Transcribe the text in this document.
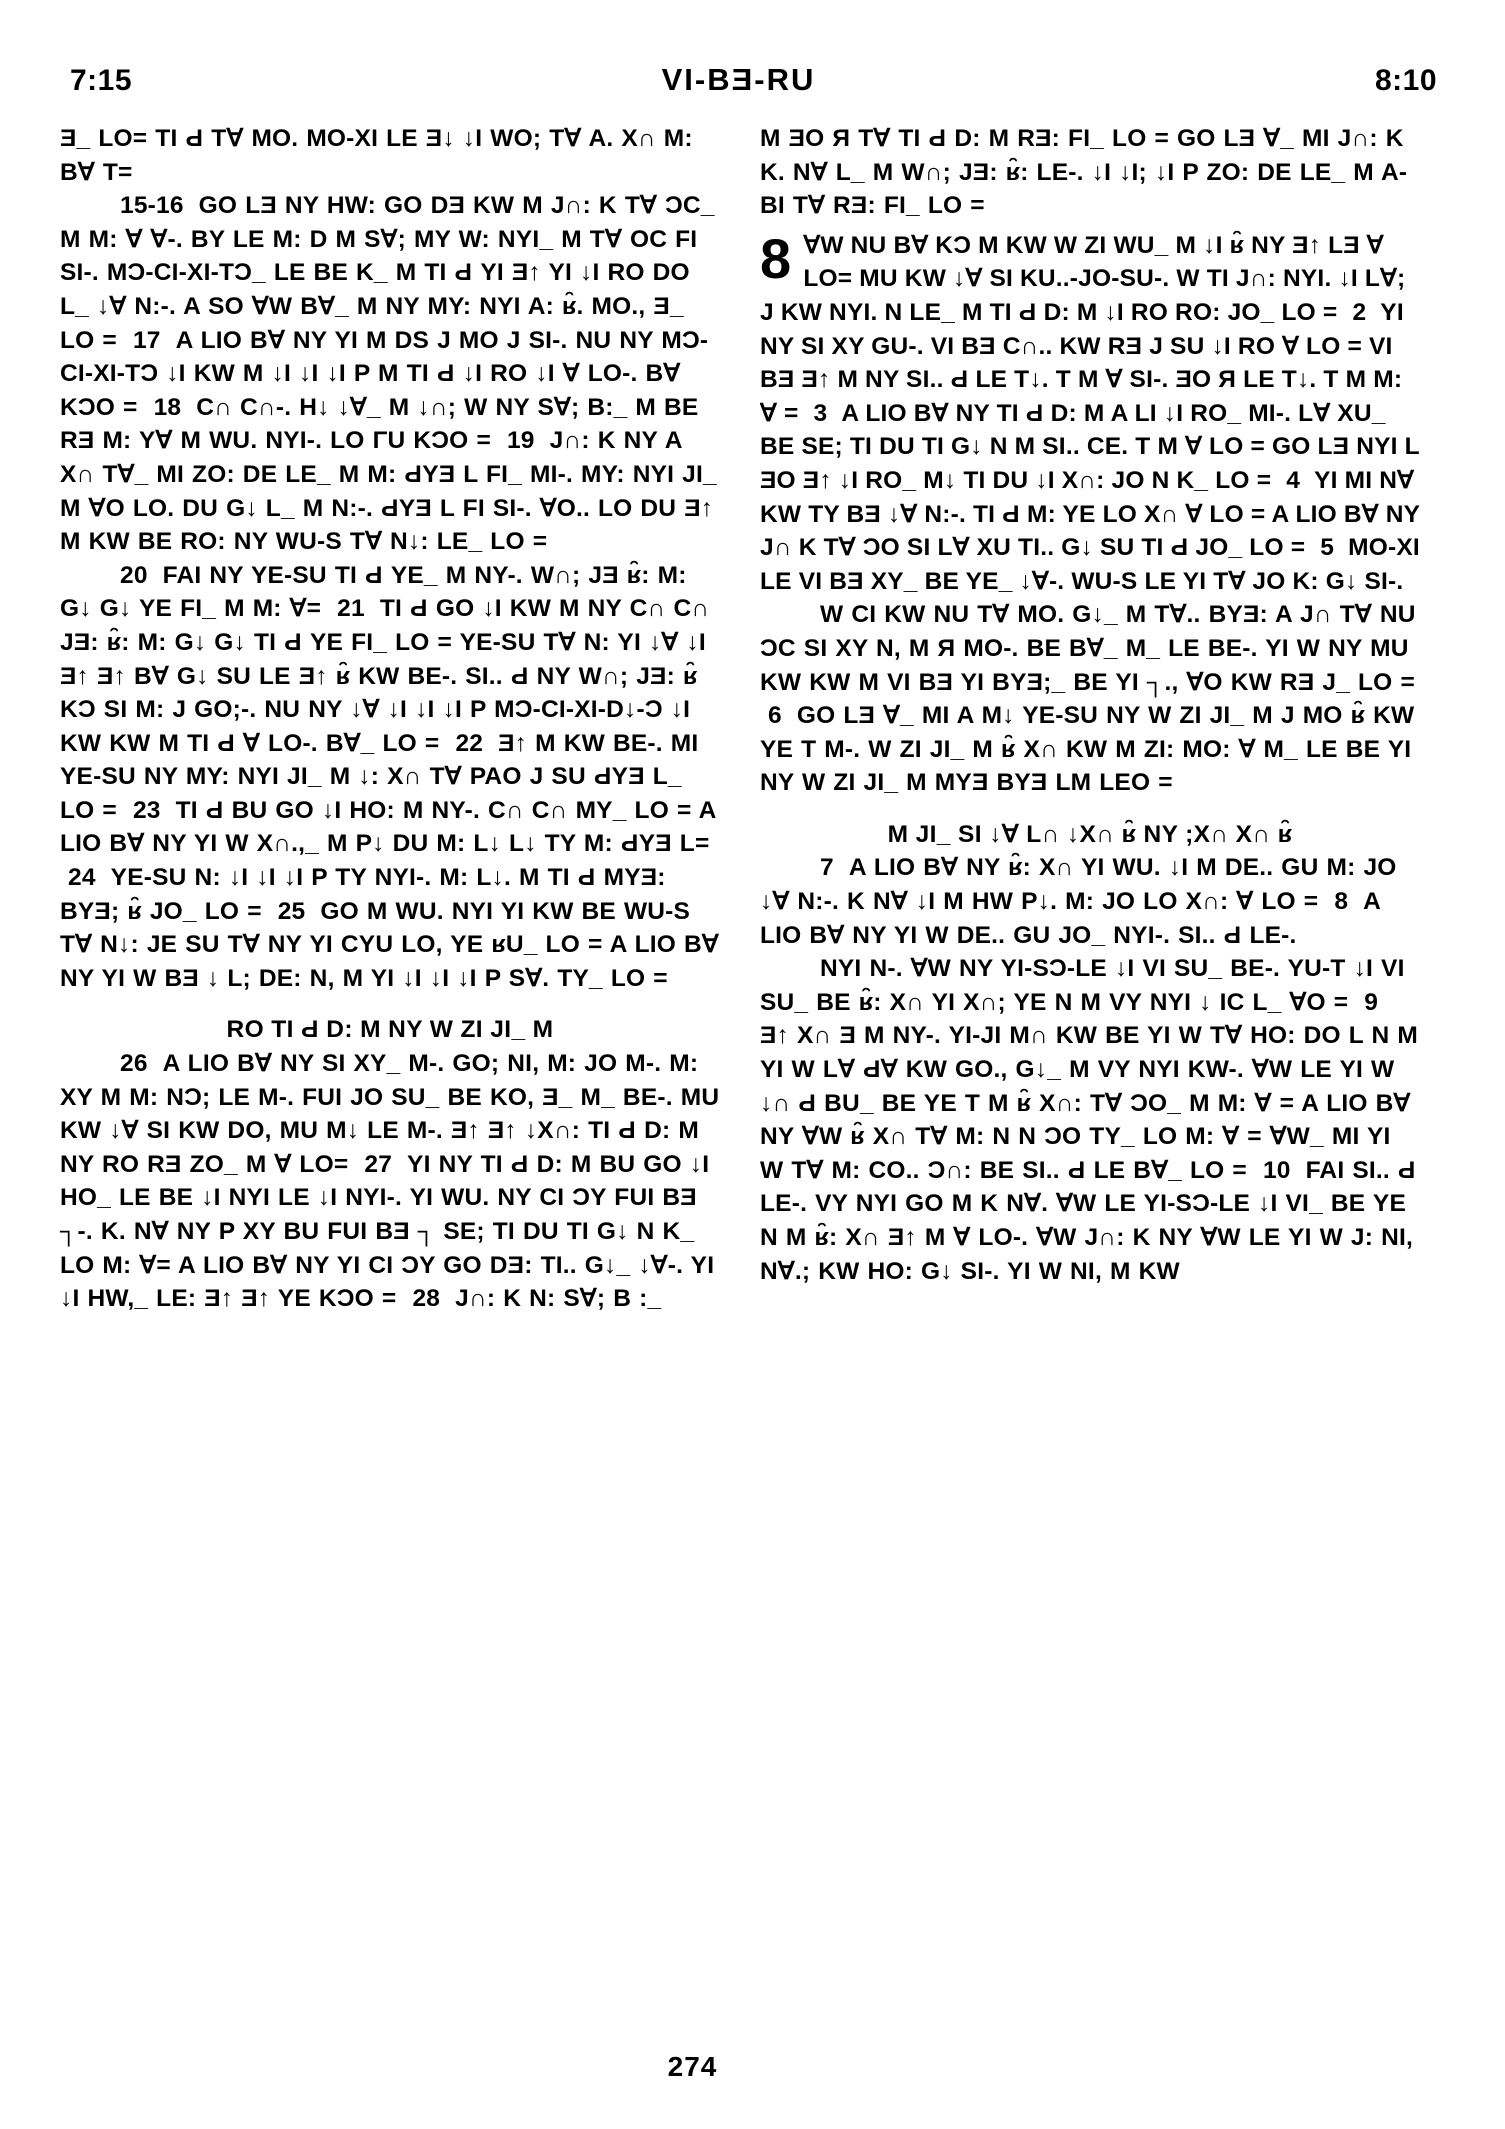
7:15	VI-BƎ-RU	8:10

Ǝ_ LO= TI Ԁ TⱯ MO. MO-XI LE Ǝ↓ ↓I WO; TⱯ A. X∩ M: BⱯ T=

15-16 GO LƎ NY HW: GO DƎ KW M J∩: K TⱯ ƆC_ M M: Ɐ Ɐ-. BY LE M: D M SⱯ; MY W: NYI_ M TⱯ OC FI SI-. MƆ-CI-XI-TƆ_ LE BE K_ M TI Ԁ YI Ǝ↑ YI ↓I RO DO L_ ↓Ɐ N:-. A SO ⱯW BⱯ_ M NY MY: NYI A: ʁ̑. MO., Ǝ_ LO = 17 A LIO BⱯ NY YI M DS J MO J SI-. NU NY MƆ-CI-XI-TƆ ↓I KW M ↓I ↓I ↓I P M TI Ԁ ↓I RO ↓I Ɐ LO-. BⱯ KƆO = 18 C∩ C∩-. H↓ ↓Ɐ_ M ↓∩; W NY SⱯ; B:_ M BE RƎ M: YⱯ M WU. NYI-. LO ΓU KƆO = 19 J∩: K NY A X∩ TⱯ_ MI ZO: DE LE_ M M: ԀYƎ L FI_ MI-. MY: NYI JI_ M ⱯO LO. DU G↓ L_ M N:-. ԀYƎ L FI SI-. ⱯO.. LO DU Ǝ↑ M KW BE RO: NY WU-S TⱯ N↓: LE_ LO =

20 FAI NY YE-SU TI Ԁ YE_ M NY-. W∩; JƎ ʁ̑: M: G↓ G↓ YE FI_ M M: Ɐ= 21 TI Ԁ GO ↓I KW M NY C∩ C∩ JƎ: ʁ̑: M: G↓ G↓ TI Ԁ YE FI_ LO = YE-SU TⱯ N: YI ↓Ɐ ↓I Ǝ↑ Ǝ↑ BⱯ G↓ SU LE Ǝ↑ ʁ̑ KW BE-. SI.. Ԁ NY W∩; JƎ: ʁ̑ KƆ SI M: J GO;-. NU NY ↓Ɐ ↓I ↓I ↓I P MƆ-CI-XI-D↓-Ɔ ↓I KW KW M TI Ԁ Ɐ LO-. BⱯ_ LO = 22 Ǝ↑ M KW BE-. MI YE-SU NY MY: NYI JI_ M ↓: X∩ TⱯ PAO J SU ԀYƎ L_ LO = 23 TI Ԁ BU GO ↓I HO: M NY-. C∩ C∩ MY_ LO = A LIO BⱯ NY YI W X∩.,_ M P↓ DU M: L↓ L↓ TY M: ԀYƎ L= 24 YE-SU N: ↓I ↓I ↓I P TY NYI-. M: L↓. M TI Ԁ MYƎ: BYƎ; ʁ̑ JO_ LO = 25 GO M WU. NYI YI KW BE WU-S TⱯ N↓: JE SU TⱯ NY YI CYU LO, YE ʁU_ LO = A LIO BⱯ NY YI W BƎ ↓ L; DE: N, M YI ↓I ↓I ↓I P SⱯ. TY_ LO =

RO TI Ԁ D: M NY W ZI JI_ M

26 A LIO BⱯ NY SI XY_ M-. GO; NI, M: JO M-. M: XY M M: NƆ; LE M-. FUI JO SU_ BE KO, Ǝ_ M_ BE-. MU KW ↓Ɐ SI KW DO, MU M↓ LE M-. Ǝ↑ Ǝ↑ ↓X∩: TI Ԁ D: M NY RO RƎ ZO_ M Ɐ LO= 27 YI NY TI Ԁ D: M BU GO ↓I HO_ LE BE ↓I NYI LE ↓I NYI-. YI WU. NY CI ƆY FUI BƎ ┐-. K. NⱯ NY P XY BU FUI BƎ ┐ SE; TI DU TI G↓ N K_ LO M: Ɐ= A LIO BⱯ NY YI CI ƆY GO DƎ: TI.. G↓_ ↓Ɐ-. YI ↓I HW,_ LE: Ǝ↑ Ǝ↑ YE KƆO = 28 J∩: K N: SⱯ; B :_

M ƎO Я TⱯ TI Ԁ D: M RƎ: FI_ LO = GO LƎ Ɐ_ MI J∩: K K. NⱯ L_ M W∩; JƎ: ʁ̑: LE-. ↓I ↓I; ↓I P ZO: DE LE_ M A-BI TⱯ RƎ: FI_ LO =

8 ⱯW NU BⱯ KƆ M KW W ZI WU_ M ↓I ʁ̑ NY Ǝ↑ LƎ Ɐ LO= MU KW ↓Ɐ SI KU..-JO-SU-. W TI J∩: NYI. ↓I LⱯ; J KW NYI. N LE_ M TI Ԁ D: M ↓I RO RO: JO_ LO = 2 YI NY SI XY GU-. VI BƎ C∩.. KW RƎ J SU ↓I RO Ɐ LO = VI BƎ Ǝ↑ M NY SI.. Ԁ LE T↓. T M Ɐ SI-. ƎO Я LE T↓. T M M: Ɐ = 3 A LIO BⱯ NY TI Ԁ D: M A LI ↓I RO_ MI-. LⱯ XU_ BE SE; TI DU TI G↓ N M SI.. CE. T M Ɐ LO = GO LƎ NYI L ƎO Ǝ↑ ↓I RO_ M↓ TI DU ↓I X∩: JO N K_ LO = 4 YI MI NⱯ KW TY BƎ ↓Ɐ N:-. TI Ԁ M: YE LO X∩ Ɐ LO = A LIO BⱯ NY J∩ K TⱯ ƆO SI LⱯ XU TI.. G↓ SU TI Ԁ JO_ LO = 5 MO-XI LE VI BƎ XY_ BE YE_ ↓Ɐ-. WU-S LE YI TⱯ JO K: G↓ SI-.

W CI KW NU TⱯ MO. G↓_ M TⱯ.. BYƎ: A J∩ TⱯ NU ƆC SI XY N, M Я MO-. BE BⱯ_ M_ LE BE-. YI W NY MU KW KW M VI BƎ YI BYƎ;_ BE YI ┐., ⱯO KW RƎ J_ LO = 6 GO LƎ Ɐ_ MI A M↓ YE-SU NY W ZI JI_ M J MO ʁ̑ KW YE T M-. W ZI JI_ M ʁ̑ X∩ KW M ZI: MO: Ɐ M_ LE BE YI NY W ZI JI_ M MYƎ BYƎ LM LEO =

M JI_ SI ↓Ɐ L∩ ↓X∩ ʁ̑ NY ;X∩ X∩ ʁ̑

7 A LIO BⱯ NY ʁ̑: X∩ YI WU. ↓I M DE.. GU M: JO ↓Ɐ N:-. K NⱯ ↓I M HW P↓. M: JO LO X∩: Ɐ LO = 8 A LIO BⱯ NY YI W DE.. GU JO_ NYI-. SI.. Ԁ LE-.

NYI N-. ⱯW NY YI-SƆ-LE ↓I VI SU_ BE-. YU-T ↓I VI SU_ BE ʁ̑: X∩ YI X∩; YE N M VY NYI ↓ IC L_ ⱯO = 9 Ǝ↑ X∩ Ǝ M NY-. YI-JI M∩ KW BE YI W TⱯ HO: DO L N M YI W LⱯ ԀⱯ KW GO., G↓_ M VY NYI KW-. ⱯW LE YI W ↓∩ Ԁ BU_ BE YE T M ʁ̑ X∩: TⱯ ƆO_ M M: Ɐ = A LIO BⱯ NY ⱯW ʁ̑ X∩ TⱯ M: N N ƆO TY_ LO M: Ɐ = ⱯW_ MI YI W TⱯ M: CO.. Ɔ∩: BE SI.. Ԁ LE BⱯ_ LO = 10 FAI SI.. Ԁ LE-. VY NYI GO M K NⱯ. ⱯW LE YI-SƆ-LE ↓I VI_ BE YE N M ʁ̑: X∩ Ǝ↑ M Ɐ LO-. ⱯW J∩: K NY ⱯW LE YI W J: NI, NⱯ.; KW HO: G↓ SI-. YI W NI, M KW

274
